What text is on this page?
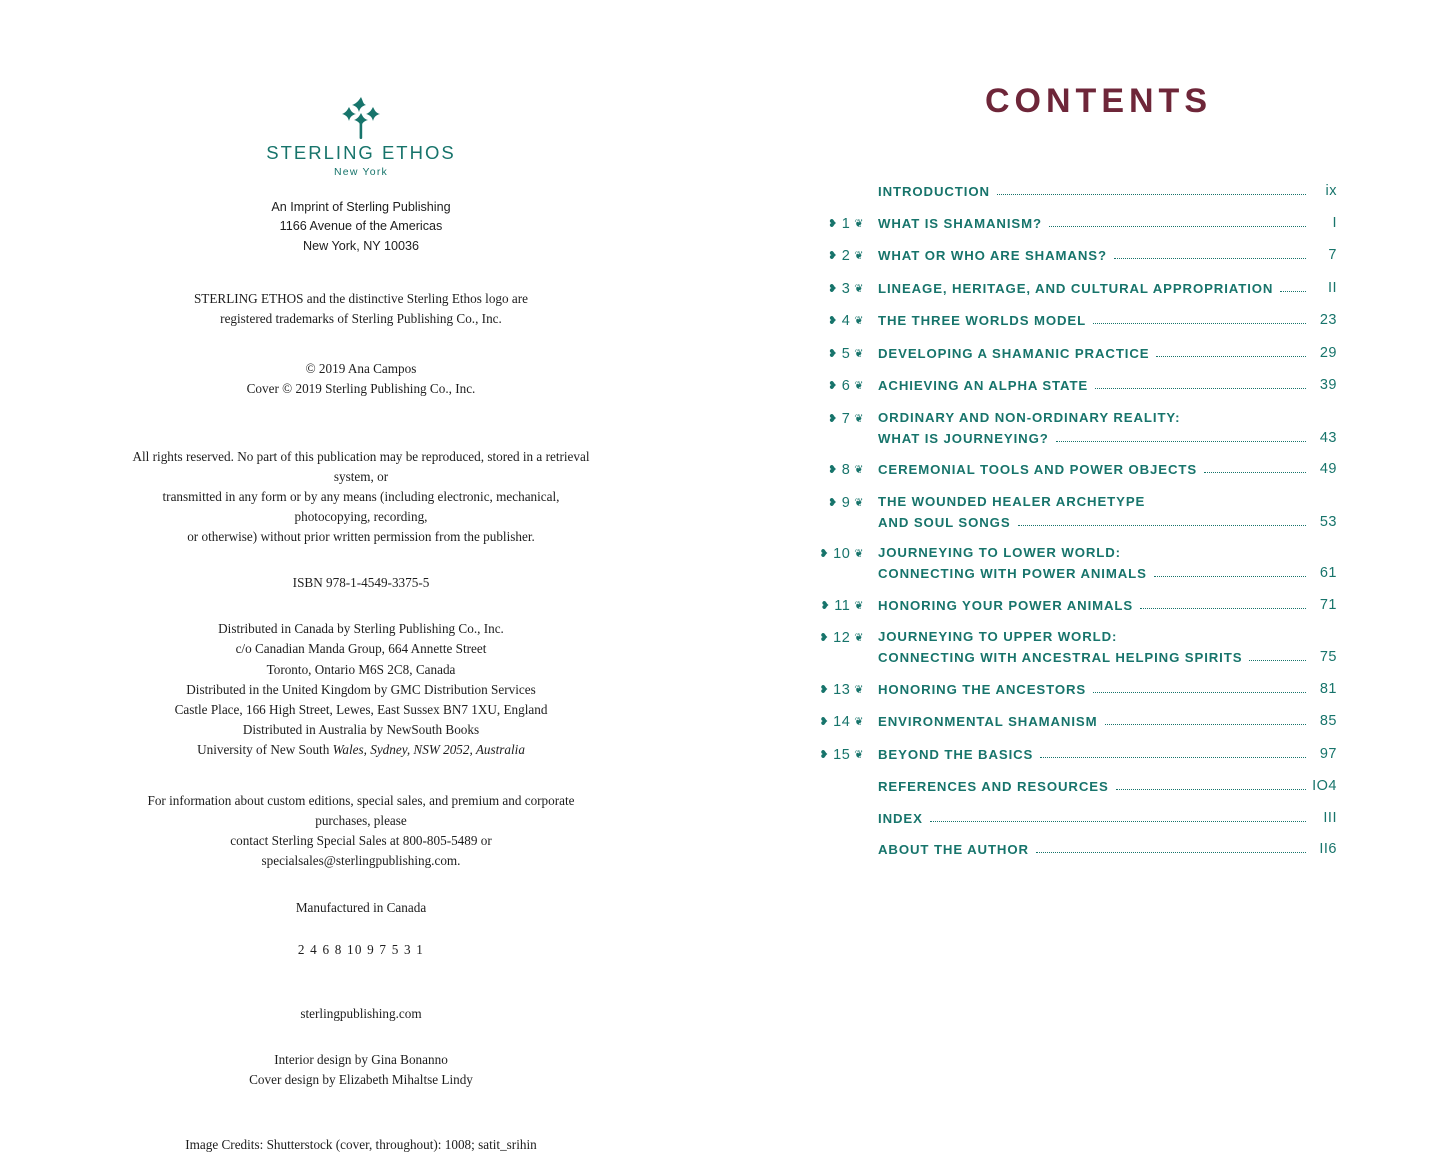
STERLING ETHOS
New York
An Imprint of Sterling Publishing
1166 Avenue of the Americas
New York, NY 10036
STERLING ETHOS and the distinctive Sterling Ethos logo are
registered trademarks of Sterling Publishing Co., Inc.
© 2019 Ana Campos
Cover © 2019 Sterling Publishing Co., Inc.
All rights reserved. No part of this publication may be reproduced, stored in a retrieval system, or
transmitted in any form or by any means (including electronic, mechanical, photocopying, recording,
or otherwise) without prior written permission from the publisher.
ISBN 978-1-4549-3375-5
Distributed in Canada by Sterling Publishing Co., Inc.
c/o Canadian Manda Group, 664 Annette Street
Toronto, Ontario M6S 2C8, Canada
Distributed in the United Kingdom by GMC Distribution Services
Castle Place, 166 High Street, Lewes, East Sussex BN7 1XU, England
Distributed in Australia by NewSouth Books
University of New South Wales, Sydney, NSW 2052, Australia
For information about custom editions, special sales, and premium and corporate purchases, please
contact Sterling Special Sales at 800-805-5489 or specialsales@sterlingpublishing.com.
Manufactured in Canada
2 4 6 8 10 9 7 5 3 1
sterlingpublishing.com
Interior design by Gina Bonanno
Cover design by Elizabeth Mihaltse Lindy
Image Credits: Shutterstock (cover, throughout): 1008; satit_srihin
CONTENTS
INTRODUCTION	ix
❥ 1 ❦	WHAT IS SHAMANISM?	I
❥ 2 ❦	WHAT OR WHO ARE SHAMANS?	7
❥ 3 ❦	LINEAGE, HERITAGE, AND CULTURAL APPROPRIATION	II
❥ 4 ❦	THE THREE WORLDS MODEL	23
❥ 5 ❦	DEVELOPING A SHAMANIC PRACTICE	29
❥ 6 ❦	ACHIEVING AN ALPHA STATE	39
❥ 7 ❦	ORDINARY AND NON-ORDINARY REALITY:
WHAT IS JOURNEYING?	43
❥ 8 ❦	CEREMONIAL TOOLS AND POWER OBJECTS	49
❥ 9 ❦	THE WOUNDED HEALER ARCHETYPE
AND SOUL SONGS	53
❥ 10 ❦	JOURNEYING TO LOWER WORLD:
CONNECTING WITH POWER ANIMALS	61
❥ 11 ❦	HONORING YOUR POWER ANIMALS	71
❥ 12 ❦	JOURNEYING TO UPPER WORLD:
CONNECTING WITH ANCESTRAL HELPING SPIRITS	75
❥ 13 ❦	HONORING THE ANCESTORS	81
❥ 14 ❦	ENVIRONMENTAL SHAMANISM	85
❥ 15 ❦	BEYOND THE BASICS	97
REFERENCES AND RESOURCES	IO4
INDEX	III
ABOUT THE AUTHOR	II6
